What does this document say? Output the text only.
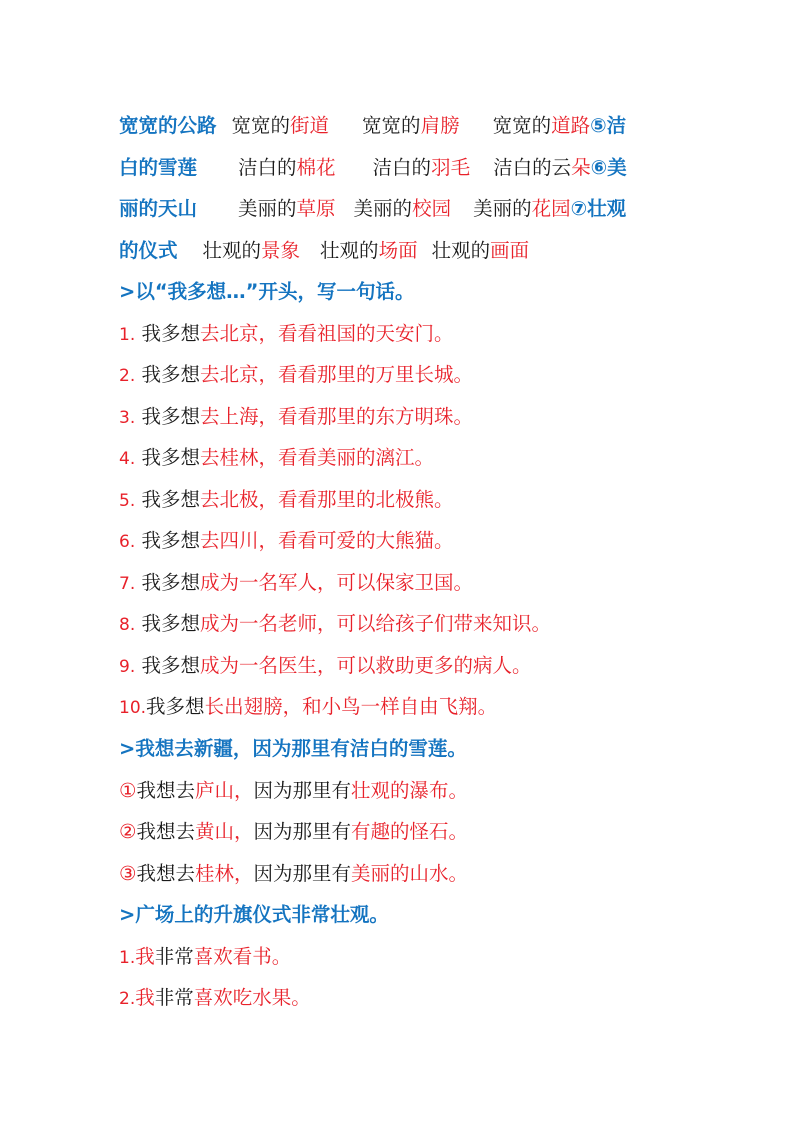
宽宽的公路 宽宽的街道 宽宽的肩膀 宽宽的道路⑤洁
白的雪莲 洁白的棉花 洁白的羽毛 洁白的云朵⑥美
丽的天山 美丽的草原 美丽的校园 美丽的花园⑦壮观
的仪式 壮观的景象 壮观的场面 壮观的画面
>以“我多想…”开头，写一句话。
1. 我多想去北京，看看祖国的天安门。
2. 我多想去北京，看看那里的万里长城。
3. 我多想去上海，看看那里的东方明珠。
4. 我多想去桂林，看看美丽的漓江。
5. 我多想去北极，看看那里的北极熊。
6. 我多想去四川，看看可爱的大熊猫。
7. 我多想成为一名军人，可以保家卫国。
8. 我多想成为一名老师，可以给孩子们带来知识。
9. 我多想成为一名医生，可以救助更多的病人。
10.我多想长出翅膀，和小鸟一样自由飞翔。
>我想去新疆，因为那里有洁白的雪莲。
①我想去庐山，因为那里有壮观的瀑布。
②我想去黄山，因为那里有有趣的怪石。
③我想去桂林，因为那里有美丽的山水。
>广场上的升旗仪式非常壮观。
1.我非常喜欢看书。
2.我非常喜欢吃水果。
